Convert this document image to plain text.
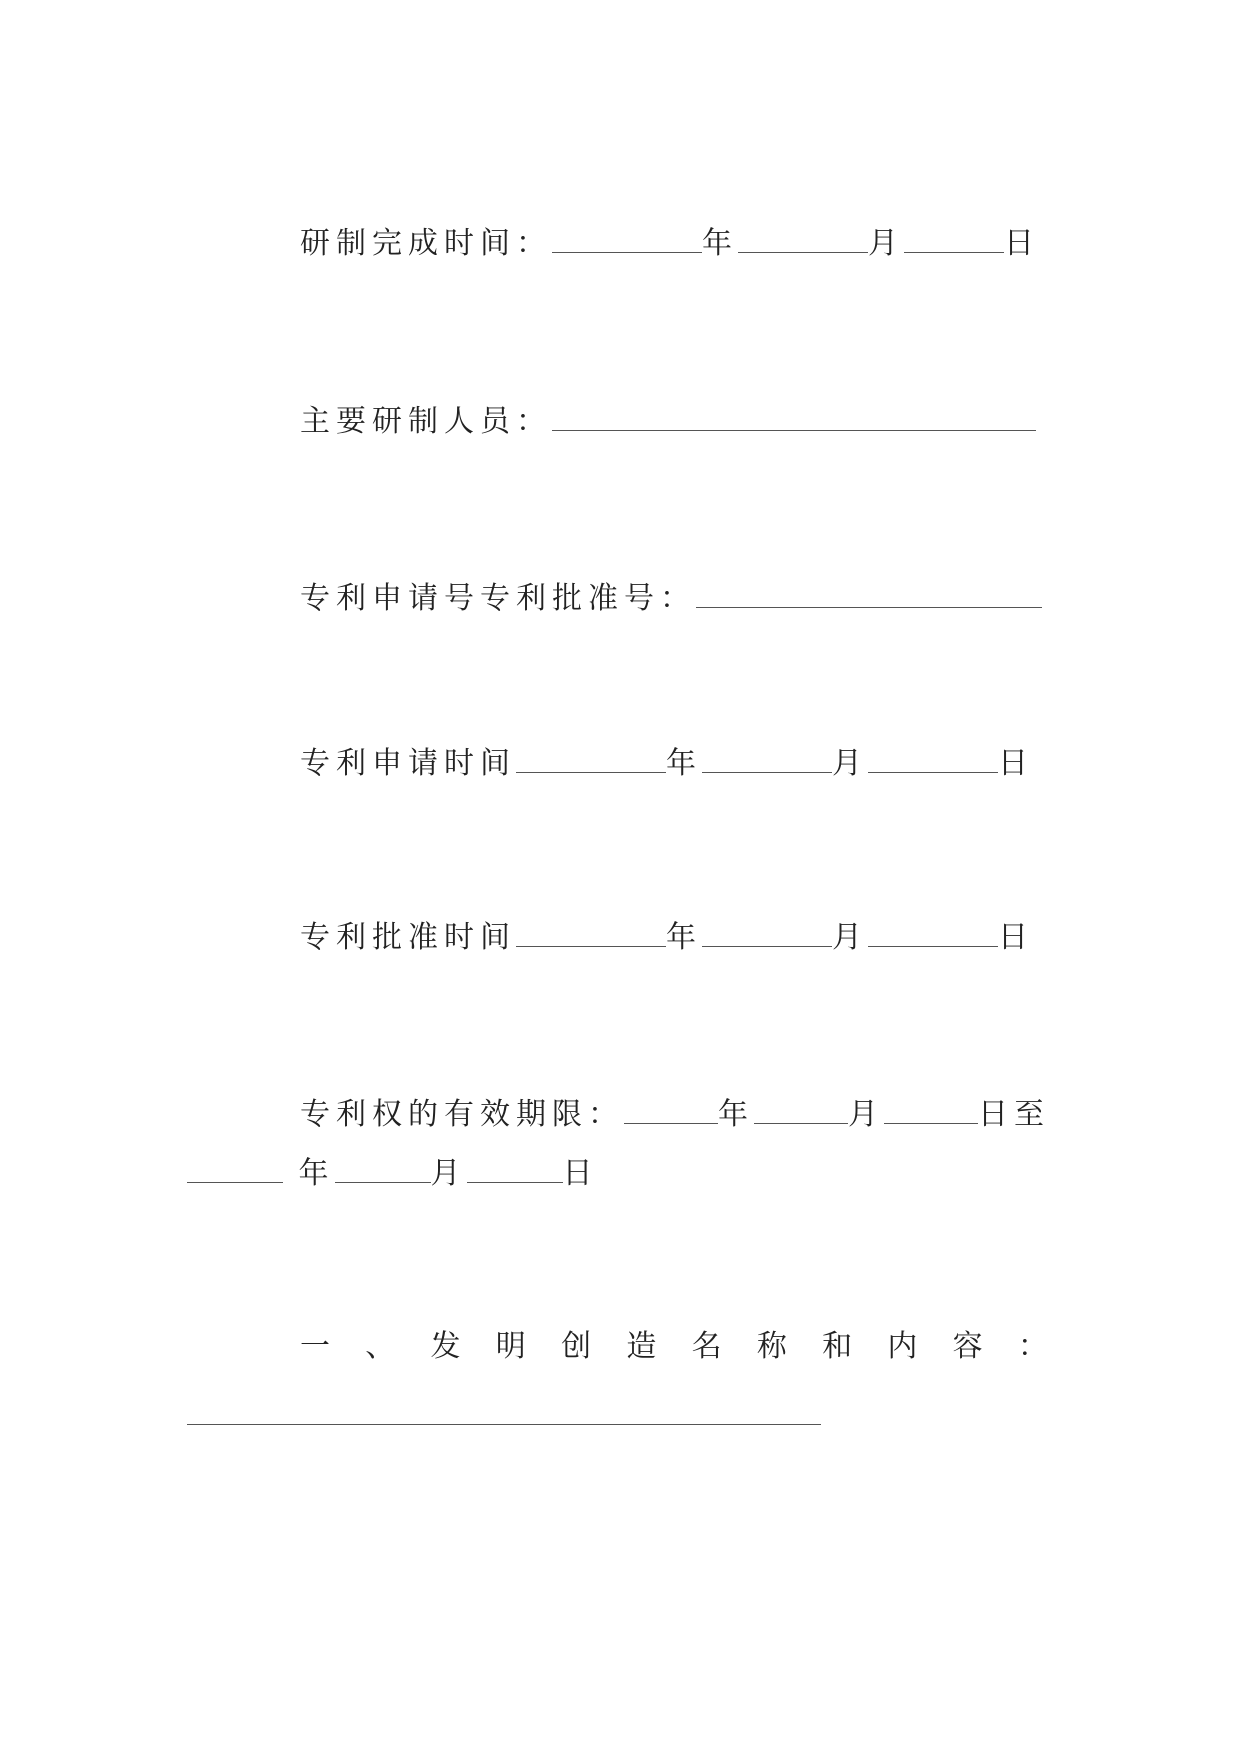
研制完成时间：	年	月	日
主要研制人员：
专利申请号专利批准号：
专利申请时间	年	月	日
专利批准时间	年	月	日
专利权的有效期限：	年	月	日至
年	月	日
一 、 发 明 创 造 名 称 和 内 容 ：
